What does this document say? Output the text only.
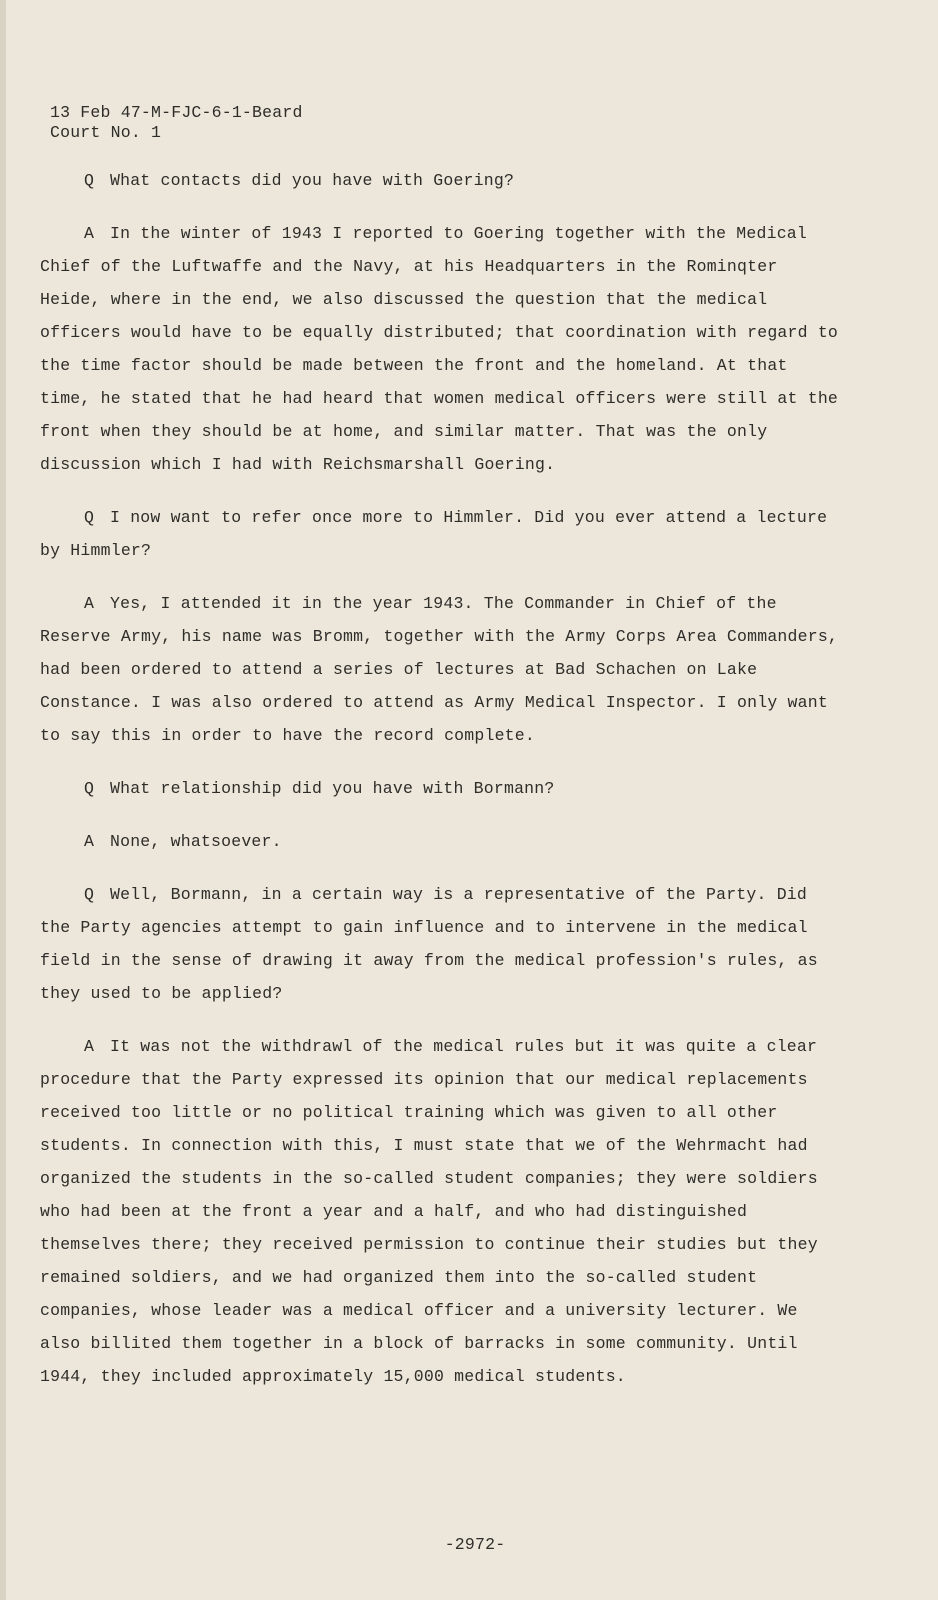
13 Feb 47-M-FJC-6-1-Beard
Court No. 1

Q What contacts did you have with Goering?

A In the winter of 1943 I reported to Goering together with the Medical Chief of the Luftwaffe and the Navy, at his Headquarters in the Rominqter Heide, where in the end, we also discussed the question that the medical officers would have to be equally distributed; that coordination with regard to the time factor should be made between the front and the homeland. At that time, he stated that he had heard that women medical officers were still at the front when they should be at home, and similar matter. That was the only discussion which I had with Reichsmarshall Goering.

Q I now want to refer once more to Himmler. Did you ever attend a lecture by Himmler?

A Yes, I attended it in the year 1943. The Commander in Chief of the Reserve Army, his name was Bromm, together with the Army Corps Area Commanders, had been ordered to attend a series of lectures at Bad Schachen on Lake Constance. I was also ordered to attend as Army Medical Inspector. I only want to say this in order to have the record complete.

Q What relationship did you have with Bormann?

A None, whatsoever.

Q Well, Bormann, in a certain way is a representative of the Party. Did the Party agencies attempt to gain influence and to intervene in the medical field in the sense of drawing it away from the medical profession's rules, as they used to be applied?

A It was not the withdrawl of the medical rules but it was quite a clear procedure that the Party expressed its opinion that our medical replacements received too little or no political training which was given to all other students. In connection with this, I must state that we of the Wehrmacht had organized the students in the so-called student companies; they were soldiers who had been at the front a year and a half, and who had distinguished themselves there; they received permission to continue their studies but they remained soldiers, and we had organized them into the so-called student companies, whose leader was a medical officer and a university lecturer. We also billited them together in a block of barracks in some community. Until 1944, they included approximately 15,000 medical students.

-2972-
